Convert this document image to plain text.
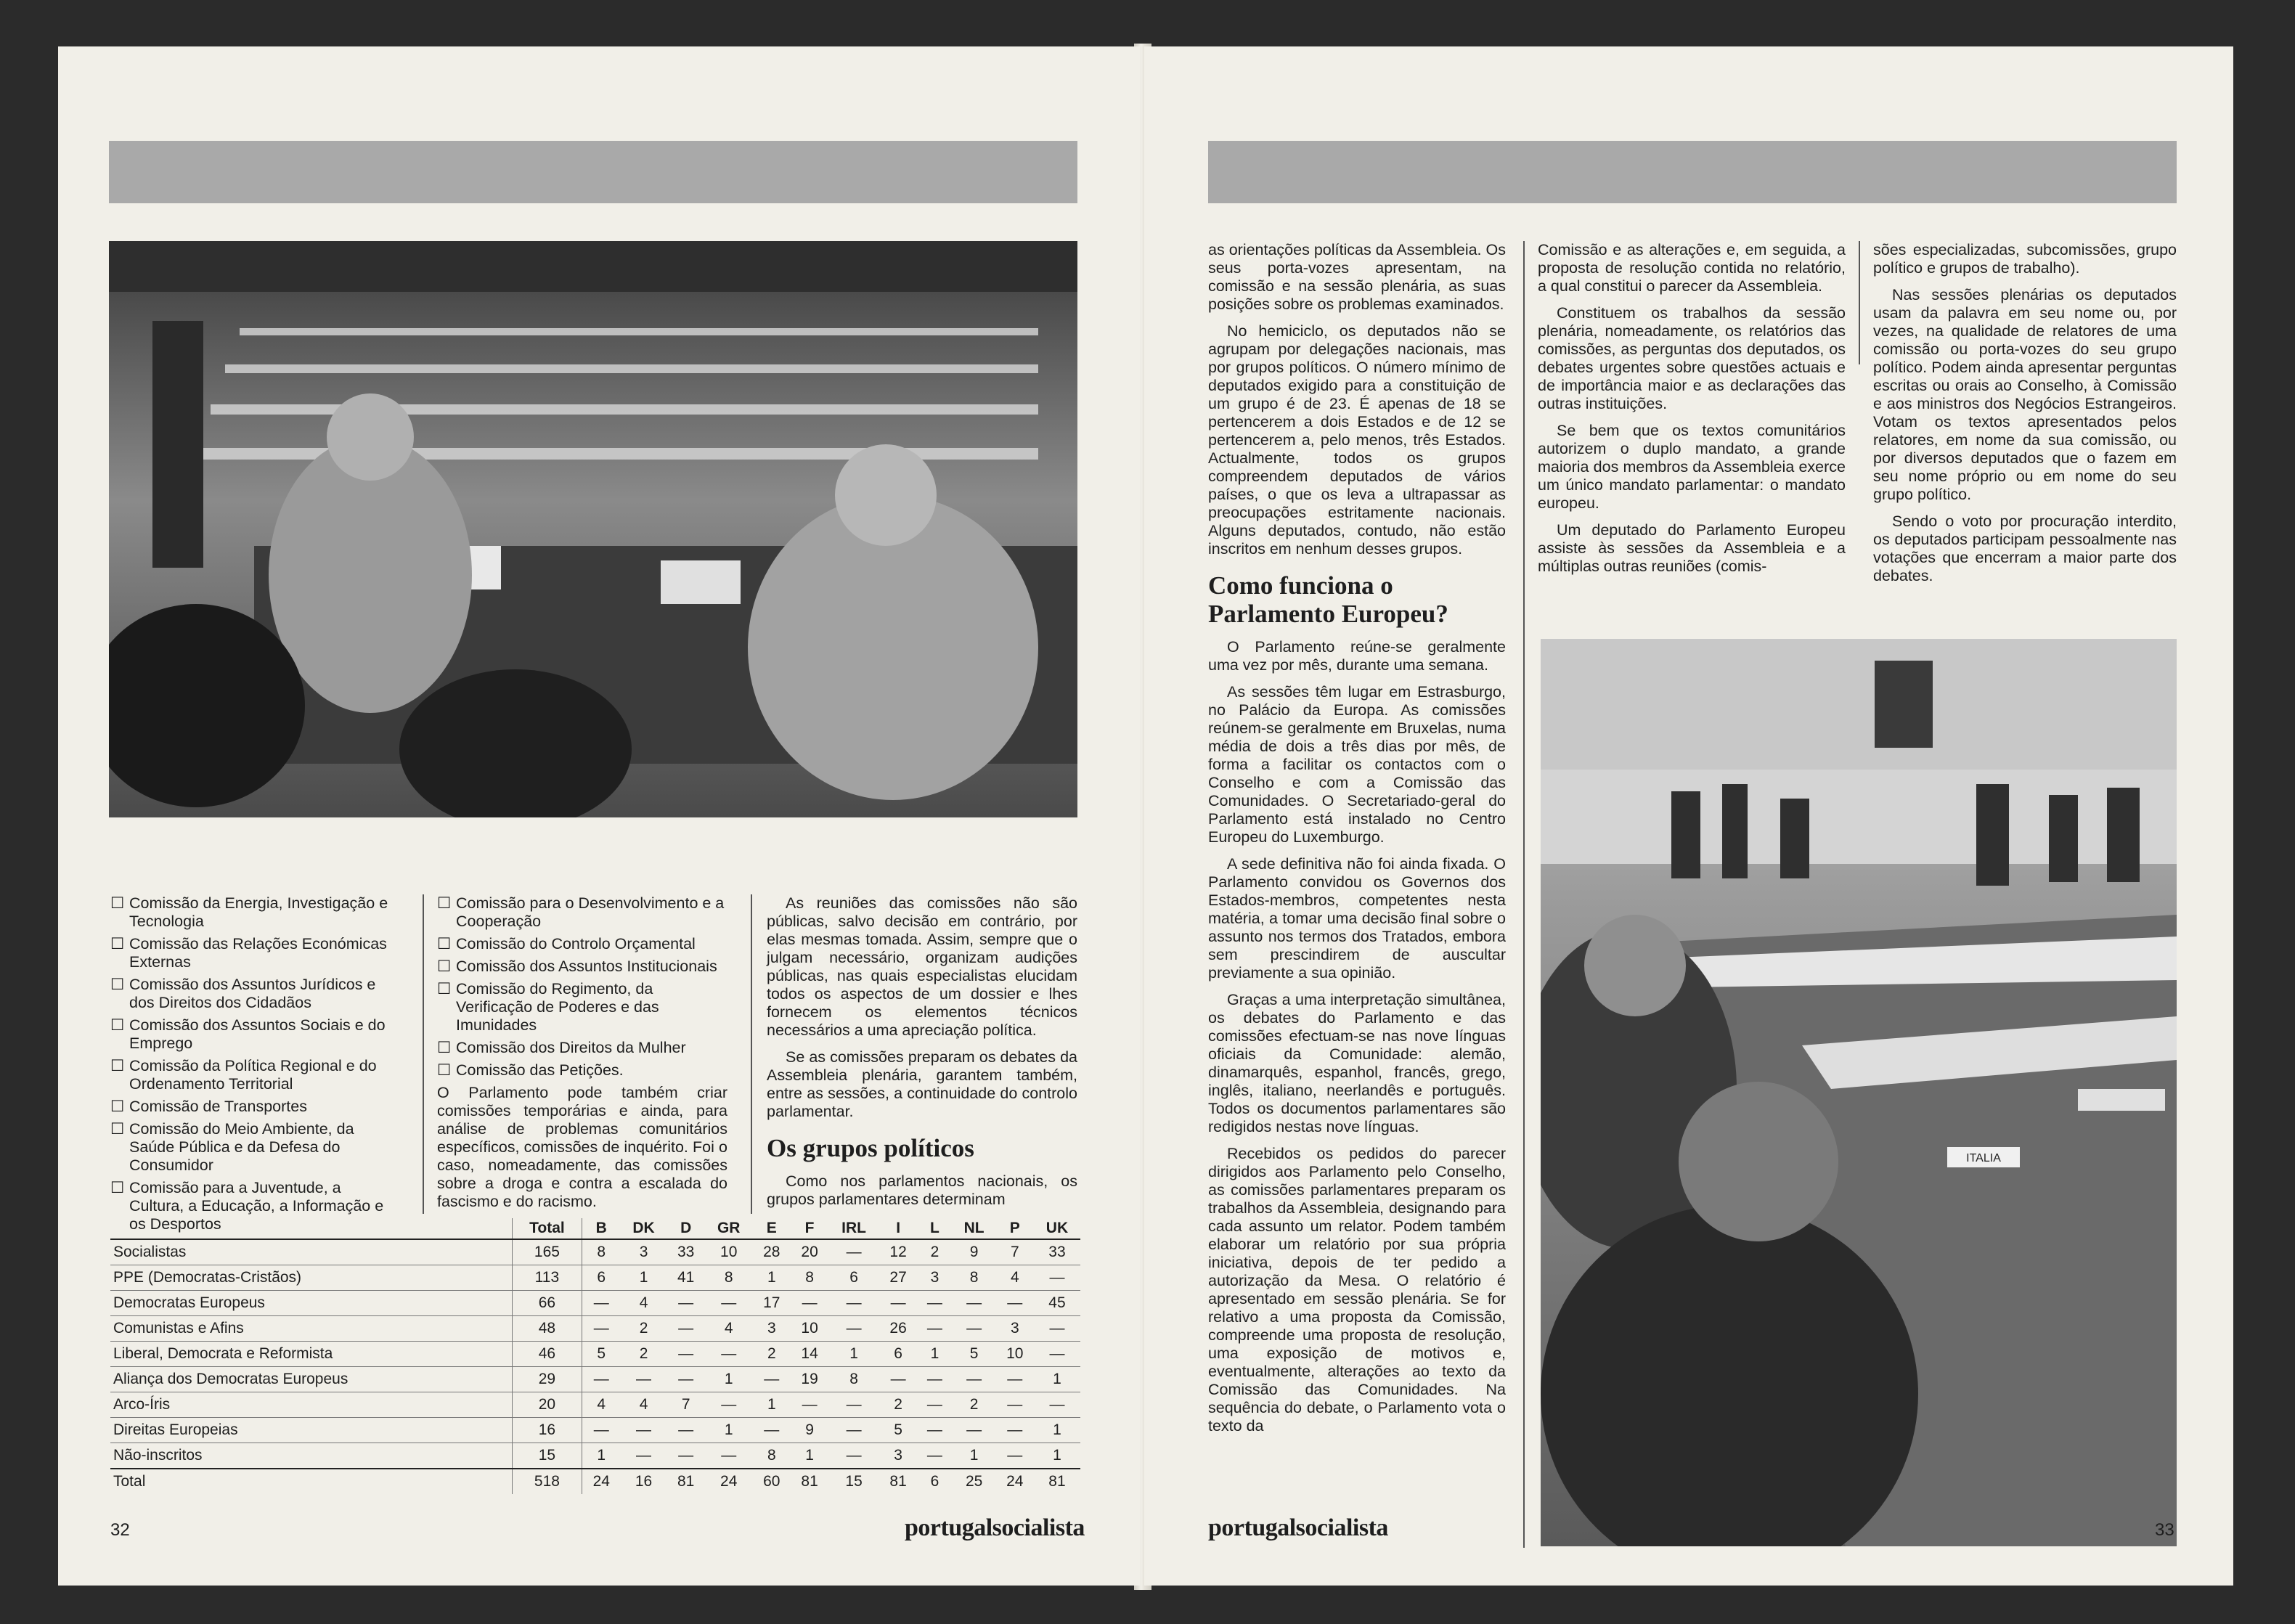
☐ Comissão da Energia, Investigação e Tecnologia
☐ Comissão das Relações Económicas Externas
☐ Comissão dos Assuntos Jurídicos e dos Direitos dos Cidadãos
☐ Comissão dos Assuntos Sociais e do Emprego
☐ Comissão da Política Regional e do Ordenamento Territorial
☐ Comissão de Transportes
☐ Comissão do Meio Ambiente, da Saúde Pública e da Defesa do Consumidor
☐ Comissão para a Juventude, a Cultura, a Educação, a Informação e os Desportos
☐ Comissão para o Desenvolvimento e a Cooperação
☐ Comissão do Controlo Orçamental
☐ Comissão dos Assuntos Institucionais
☐ Comissão do Regimento, da Verificação de Poderes e das Imunidades
☐ Comissão dos Direitos da Mulher
☐ Comissão das Petições.

O Parlamento pode também criar comissões temporárias e ainda, para análise de problemas comunitários específicos, comissões de inquérito. Foi o caso, nomeadamente, das comissões sobre a droga e contra a escalada do fascismo e do racismo.

As reuniões das comissões não são públicas, salvo decisão em contrário, por elas mesmas tomada. Assim, sempre que o julgam necessário, organizam audições públicas, nas quais especialistas elucidam todos os aspectos de um dossier e lhes fornecem os elementos técnicos necessários a uma apreciação política.

Se as comissões preparam os debates da Assembleia plenária, garantem também, entre as sessões, a continuidade do controlo parlamentar.

Os grupos políticos

Como nos parlamentos nacionais, os grupos parlamentares determinam

	Total	B	DK	D	GR	E	F	IRL	I	L	NL	P	UK
Socialistas	165	8	3	33	10	28	20	—	12	2	9	7	33
PPE (Democratas-Cristãos)	113	6	1	41	8	1	8	6	27	3	8	4	—
Democratas Europeus	66	—	4	—	—	17	—	—	—	—	—	—	45
Comunistas e Afins	48	—	2	—	4	3	10	—	26	—	—	3	—
Liberal, Democrata e Reformista	46	5	2	—	—	2	14	1	6	1	5	10	—
Aliança dos Democratas Europeus	29	—	—	—	1	—	19	8	—	—	—	—	1
Arco-Íris	20	4	4	7	—	1	—	—	2	—	2	—	—
Direitas Europeias	16	—	—	—	1	—	9	—	5	—	—	—	1
Não-inscritos	15	1	—	—	—	8	1	—	3	—	1	—	1
Total	518	24	16	81	24	60	81	15	81	6	25	24	81
32	portugalsocialista

as orientações políticas da Assembleia. Os seus porta-vozes apresentam, na comissão e na sessão plenária, as suas posições sobre os problemas examinados.

No hemiciclo, os deputados não se agrupam por delegações nacionais, mas por grupos políticos. O número mínimo de deputados exigido para a constituição de um grupo é de 23. É apenas de 18 se pertencerem a dois Estados e de 12 se pertencerem a, pelo menos, três Estados. Actualmente, todos os grupos compreendem deputados de vários países, o que os leva a ultrapassar as preocupações estritamente nacionais. Alguns deputados, contudo, não estão inscritos em nenhum desses grupos.

Como funciona o Parlamento Europeu?

O Parlamento reúne-se geralmente uma vez por mês, durante uma semana.

As sessões têm lugar em Estrasburgo, no Palácio da Europa. As comissões reúnem-se geralmente em Bruxelas, numa média de dois a três dias por mês, de forma a facilitar os contactos com o Conselho e com a Comissão das Comunidades. O Secretariado-geral do Parlamento está instalado no Centro Europeu do Luxemburgo.

A sede definitiva não foi ainda fixada. O Parlamento convidou os Governos dos Estados-membros, competentes nesta matéria, a tomar uma decisão final sobre o assunto nos termos dos Tratados, embora sem prescindirem de auscultar previamente a sua opinião.

Graças a uma interpretação simultânea, os debates do Parlamento e das comissões efectuam-se nas nove línguas oficiais da Comunidade: alemão, dinamarquês, espanhol, francês, grego, inglês, italiano, neerlandês e português. Todos os documentos parlamentares são redigidos nestas nove línguas.

Recebidos os pedidos do parecer dirigidos aos Parlamento pelo Conselho, as comissões parlamentares preparam os trabalhos da Assembleia, designando para cada assunto um relator. Podem também elaborar um relatório por sua própria iniciativa, depois de ter pedido a autorização da Mesa. O relatório é apresentado em sessão plenária. Se for relativo a uma proposta da Comissão, compreende uma proposta de resolução, uma exposição de motivos e, eventualmente, alterações ao texto da Comissão das Comunidades. Na sequência do debate, o Parlamento vota o texto da

Comissão e as alterações e, em seguida, a proposta de resolução contida no relatório, a qual constitui o parecer da Assembleia.

Constituem os trabalhos da sessão plenária, nomeadamente, os relatórios das comissões, as perguntas dos deputados, os debates urgentes sobre questões actuais e de importância maior e as declarações das outras instituições.

Se bem que os textos comunitários autorizem o duplo mandato, a grande maioria dos membros da Assembleia exerce um único mandato parlamentar: o mandato europeu.

Um deputado do Parlamento Europeu assiste às sessões da Assembleia e a múltiplas outras reuniões (comis-

sões especializadas, subcomissões, grupo político e grupos de trabalho).

Nas sessões plenárias os deputados usam da palavra em seu nome ou, por vezes, na qualidade de relatores de uma comissão ou porta-vozes do seu grupo político. Podem ainda apresentar perguntas escritas ou orais ao Conselho, à Comissão e aos ministros dos Negócios Estrangeiros. Votam os textos apresentados pelos relatores, em nome da sua comissão, ou por diversos deputados que o fazem em seu nome próprio ou em nome do seu grupo político.

Sendo o voto por procuração interdito, os deputados participam pessoalmente nas votações que encerram a maior parte dos debates.

ITALIA
portugalsocialista	33
